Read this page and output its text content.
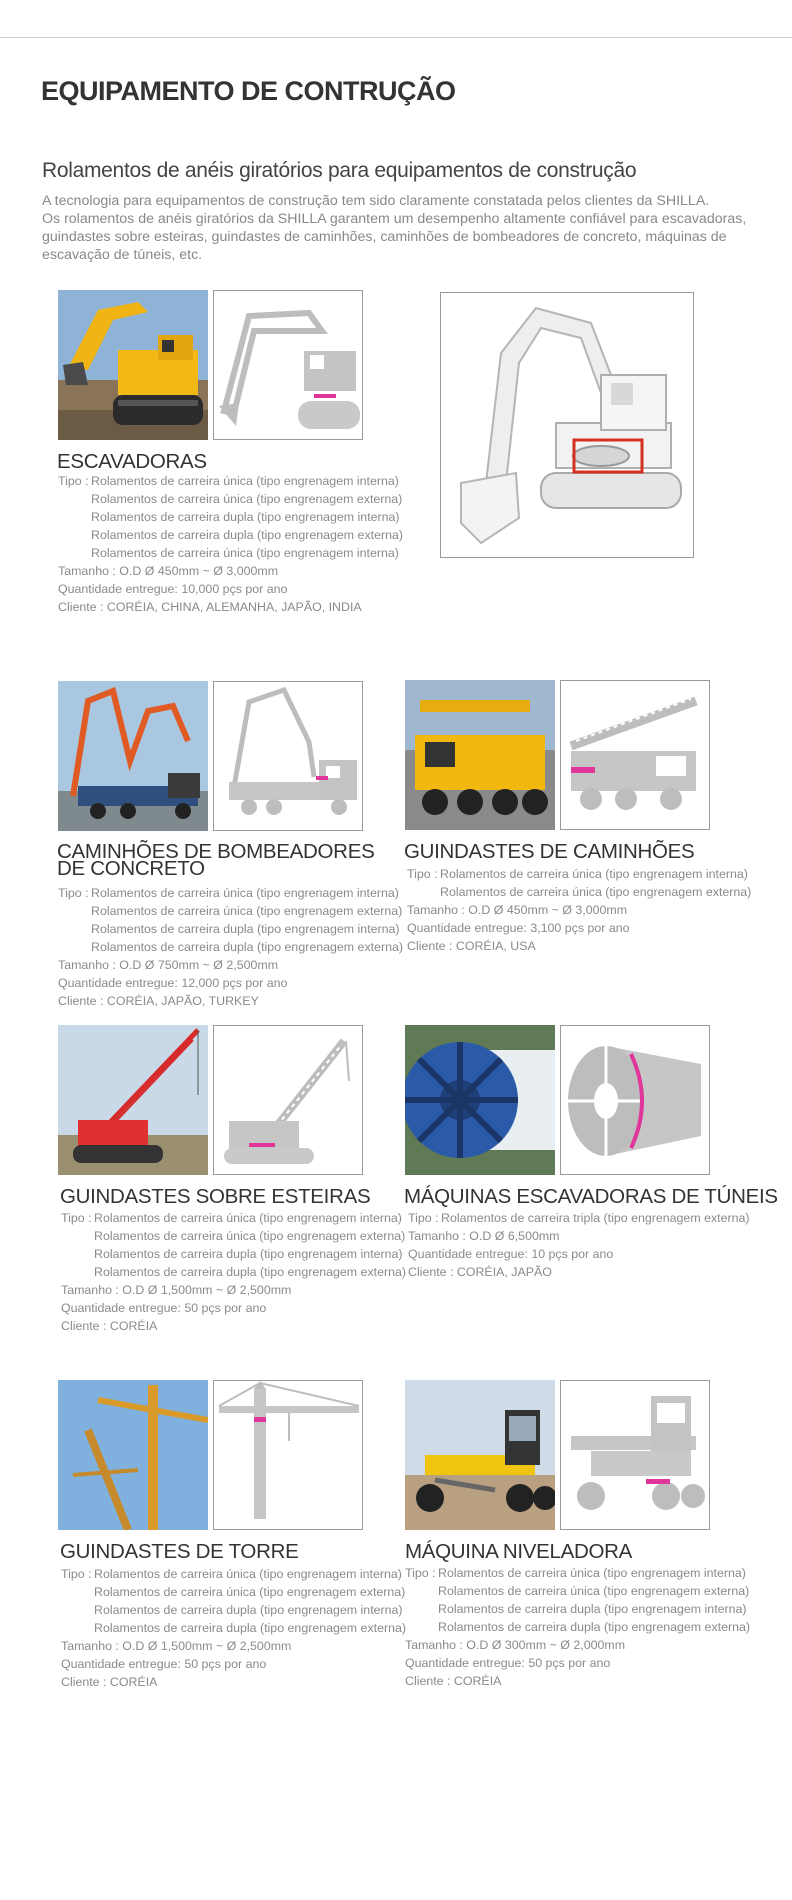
EQUIPAMENTO DE CONTRUÇÃO
Rolamentos de anéis giratórios para equipamentos de construção

A tecnologia para equipamentos de construção tem sido claramente constatada pelos clientes da SHILLA.

Os rolamentos de anéis giratórios da SHILLA garantem um desempenho altamente confiável para escavadoras, guindastes sobre esteiras, guindastes de caminhões, caminhões de bombeadores de concreto, máquinas de escavação de túneis, etc.

ESCAVADORAS
Tipo : Rolamentos de carreira única (tipo engrenagem interna)
Rolamentos de carreira única (tipo engrenagem externa)
Rolamentos de carreira dupla (tipo engrenagem interna)
Rolamentos de carreira dupla (tipo engrenagem externa)
Rolamentos de carreira única (tipo engrenagem interna)
Tamanho : O.D Ø 450mm ~ Ø 3,000mm
Quantidade entregue: 10,000 pçs por ano
Cliente : CORÉIA, CHINA, ALEMANHA, JAPÃO, INDIA
CAMINHÕES DE BOMBEADORES
DE CONCRETO
Tipo : Rolamentos de carreira única (tipo engrenagem interna)
Rolamentos de carreira única (tipo engrenagem externa)
Rolamentos de carreira dupla (tipo engrenagem interna)
Rolamentos de carreira dupla (tipo engrenagem externa)
Tamanho : O.D Ø 750mm ~ Ø 2,500mm
Quantidade entregue: 12,000 pçs por ano
Cliente : CORÉIA, JAPÃO, TURKEY
GUINDASTES DE CAMINHÕES
Tipo : Rolamentos de carreira única (tipo engrenagem interna)
Rolamentos de carreira única (tipo engrenagem externa)
Tamanho : O.D Ø 450mm ~ Ø 3,000mm
Quantidade entregue: 3,100 pçs por ano
Cliente : CORÉIA, USA
GUINDASTES SOBRE ESTEIRAS
Tipo : Rolamentos de carreira única (tipo engrenagem interna)
Rolamentos de carreira única (tipo engrenagem externa)
Rolamentos de carreira dupla (tipo engrenagem interna)
Rolamentos de carreira dupla (tipo engrenagem externa)
Tamanho : O.D Ø 1,500mm ~ Ø 2,500mm
Quantidade entregue: 50 pçs por ano
Cliente : CORÉIA
MÁQUINAS ESCAVADORAS DE TÚNEIS
Tipo : Rolamentos de carreira tripla (tipo engrenagem externa)
Tamanho : O.D Ø 6,500mm
Quantidade entregue: 10 pçs por ano
Cliente : CORÉIA, JAPÃO
GUINDASTES DE TORRE
Tipo : Rolamentos de carreira única (tipo engrenagem interna)
Rolamentos de carreira única (tipo engrenagem externa)
Rolamentos de carreira dupla (tipo engrenagem interna)
Rolamentos de carreira dupla (tipo engrenagem externa)
Tamanho : O.D Ø 1,500mm ~ Ø 2,500mm
Quantidade entregue: 50 pçs por ano
Cliente : CORÉIA
MÁQUINA NIVELADORA
Tipo : Rolamentos de carreira única (tipo engrenagem interna)
Rolamentos de carreira única (tipo engrenagem externa)
Rolamentos de carreira dupla (tipo engrenagem interna)
Rolamentos de carreira dupla (tipo engrenagem externa)
Tamanho : O.D Ø 300mm ~ Ø 2,000mm
Quantidade entregue: 50 pçs por ano
Cliente : CORÉIA
